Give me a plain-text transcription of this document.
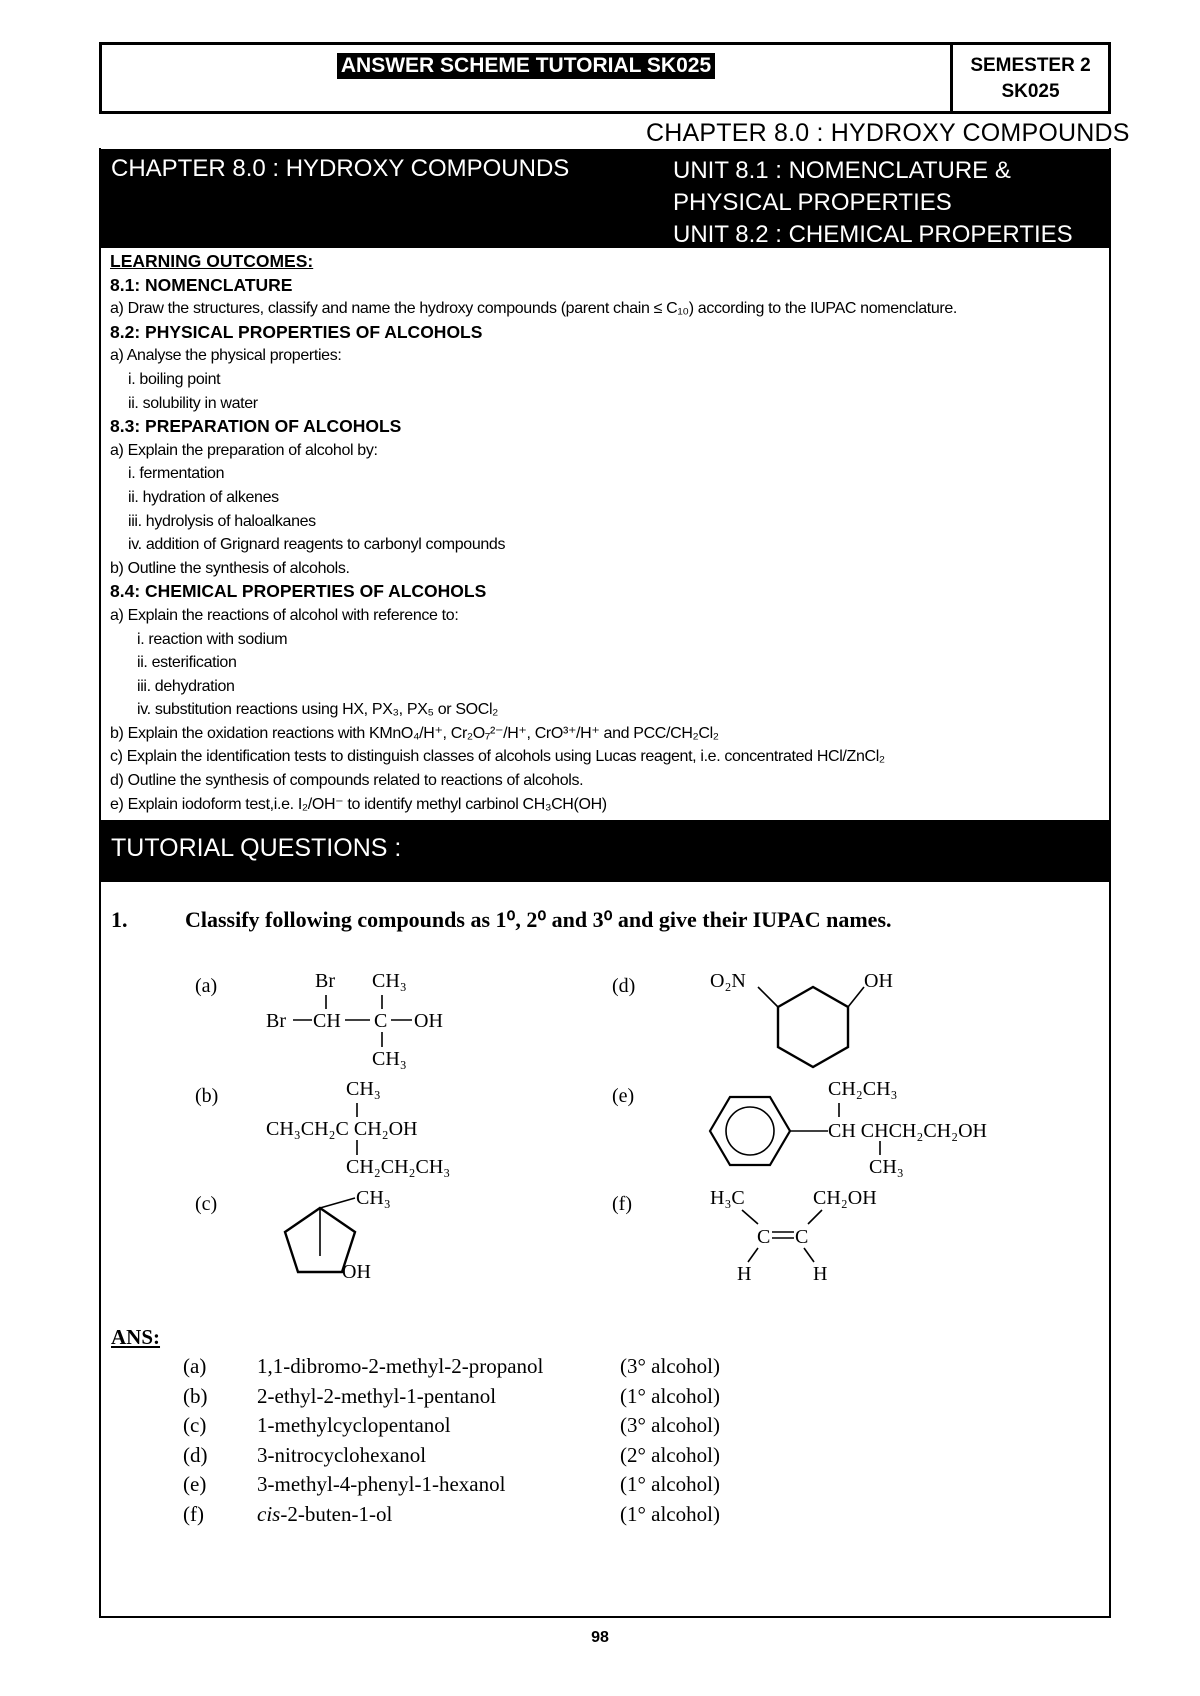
ANSWER SCHEME TUTORIAL SK025	SEMESTER 2
SK025
CHAPTER 8.0 : HYDROXY COMPOUNDS
CHAPTER 8.0 : HYDROXY COMPOUNDS	UNIT 8.1 : NOMENCLATURE &
PHYSICAL PROPERTIES
UNIT 8.2 : CHEMICAL PROPERTIES
LEARNING OUTCOMES:
8.1: NOMENCLATURE
a) Draw the structures, classify and name the hydroxy compounds (parent chain ≤ C₁₀) according to the IUPAC nomenclature.
8.2: PHYSICAL PROPERTIES OF ALCOHOLS
a) Analyse the physical properties:
i. boiling point
ii. solubility in water
8.3: PREPARATION OF ALCOHOLS
a) Explain the preparation of alcohol by:
i. fermentation
ii. hydration of alkenes
iii. hydrolysis of haloalkanes
iv. addition of Grignard reagents to carbonyl compounds
b) Outline the synthesis of alcohols.
8.4: CHEMICAL PROPERTIES OF ALCOHOLS
a) Explain the reactions of alcohol with reference to:
i. reaction with sodium
ii. esterification
iii. dehydration
iv. substitution reactions using HX, PX₃, PX₅ or SOCl₂
b) Explain the oxidation reactions with KMnO₄/H⁺, Cr₂O₇²⁻/H⁺, CrO³⁺/H⁺ and PCC/CH₂Cl₂
c) Explain the identification tests to distinguish classes of alcohols using Lucas reagent, i.e. concentrated HCl/ZnCl₂
d) Outline the synthesis of compounds related to reactions of alcohols.
e) Explain iodoform test,i.e. I₂/OH⁻ to identify methyl carbinol CH₃CH(OH)
TUTORIAL QUESTIONS :
1.	Classify following compounds as 1⁰, 2⁰ and 3⁰ and give their IUPAC names.
(a)
(b)
(c)
(d)
(e)
(f)
Br CH₃
Br CH C OH
CH₃
CH₃
CH₃CH₂C CH₂OH
CH₂CH₂CH₃
CH₃
OH
O₂N	OH
CH₂CH₃
CH CHCH₂CH₂OH
CH₃
H₃C	CH₂OH
C C
H	H
ANS:
(a) 1,1-dibromo-2-methyl-2-propanol	(3° alcohol)
(b) 2-ethyl-2-methyl-1-pentanol	(1° alcohol)
(c) 1-methylcyclopentanol	(3° alcohol)
(d) 3-nitrocyclohexanol	(2° alcohol)
(e) 3-methyl-4-phenyl-1-hexanol	(1° alcohol)
(f)	cis-2-buten-1-ol	(1° alcohol)
98
